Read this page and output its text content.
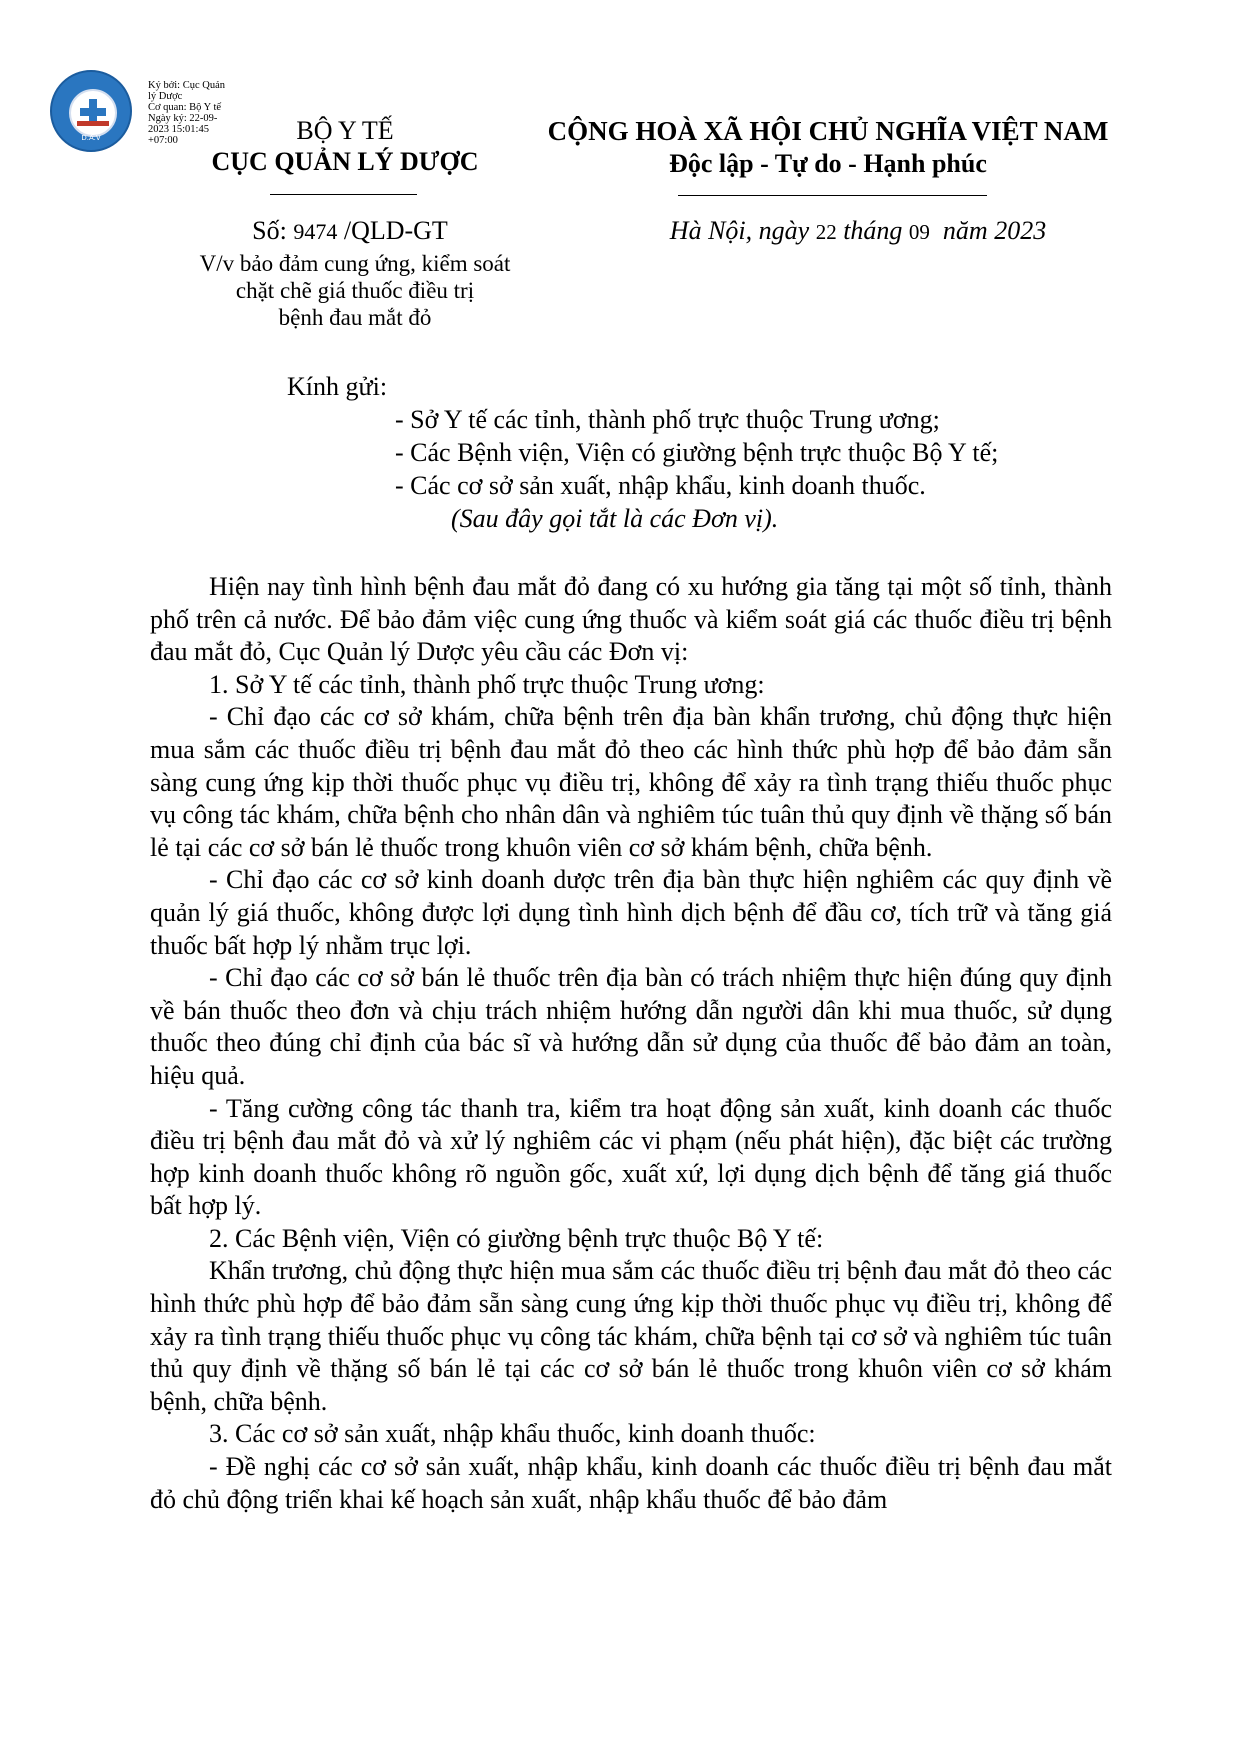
D.A.V
Ký bởi: Cục Quản
lý Dược
Cơ quan: Bộ Y tế
Ngày ký: 22-09-
2023 15:01:45
+07:00	BỘ Y TẾ
CỤC QUẢN LÝ DƯỢC
CỘNG HOÀ XÃ HỘI CHỦ NGHĨA VIỆT NAM
Độc lập - Tự do - Hạnh phúc
Số: 9474 /QLD-GT
V/v bảo đảm cung ứng, kiểm soát
chặt chẽ giá thuốc điều trị
bệnh đau mắt đỏ
Hà Nội, ngày 22 tháng 09 năm 2023
Kính gửi:
- Sở Y tế các tỉnh, thành phố trực thuộc Trung ương;
- Các Bệnh viện, Viện có giường bệnh trực thuộc Bộ Y tế;
- Các cơ sở sản xuất, nhập khẩu, kinh doanh thuốc.
(Sau đây gọi tắt là các Đơn vị).

Hiện nay tình hình bệnh đau mắt đỏ đang có xu hướng gia tăng tại một số tỉnh, thành phố trên cả nước. Để bảo đảm việc cung ứng thuốc và kiểm soát giá các thuốc điều trị bệnh đau mắt đỏ, Cục Quản lý Dược yêu cầu các Đơn vị:

1. Sở Y tế các tỉnh, thành phố trực thuộc Trung ương:

- Chỉ đạo các cơ sở khám, chữa bệnh trên địa bàn khẩn trương, chủ động thực hiện mua sắm các thuốc điều trị bệnh đau mắt đỏ theo các hình thức phù hợp để bảo đảm sẵn sàng cung ứng kịp thời thuốc phục vụ điều trị, không để xảy ra tình trạng thiếu thuốc phục vụ công tác khám, chữa bệnh cho nhân dân và nghiêm túc tuân thủ quy định về thặng số bán lẻ tại các cơ sở bán lẻ thuốc trong khuôn viên cơ sở khám bệnh, chữa bệnh.

- Chỉ đạo các cơ sở kinh doanh dược trên địa bàn thực hiện nghiêm các quy định về quản lý giá thuốc, không được lợi dụng tình hình dịch bệnh để đầu cơ, tích trữ và tăng giá thuốc bất hợp lý nhằm trục lợi.

- Chỉ đạo các cơ sở bán lẻ thuốc trên địa bàn có trách nhiệm thực hiện đúng quy định về bán thuốc theo đơn và chịu trách nhiệm hướng dẫn người dân khi mua thuốc, sử dụng thuốc theo đúng chỉ định của bác sĩ và hướng dẫn sử dụng của thuốc để bảo đảm an toàn, hiệu quả.

- Tăng cường công tác thanh tra, kiểm tra hoạt động sản xuất, kinh doanh các thuốc điều trị bệnh đau mắt đỏ và xử lý nghiêm các vi phạm (nếu phát hiện), đặc biệt các trường hợp kinh doanh thuốc không rõ nguồn gốc, xuất xứ, lợi dụng dịch bệnh để tăng giá thuốc bất hợp lý.

2. Các Bệnh viện, Viện có giường bệnh trực thuộc Bộ Y tế:

Khẩn trương, chủ động thực hiện mua sắm các thuốc điều trị bệnh đau mắt đỏ theo các hình thức phù hợp để bảo đảm sẵn sàng cung ứng kịp thời thuốc phục vụ điều trị, không để xảy ra tình trạng thiếu thuốc phục vụ công tác khám, chữa bệnh tại cơ sở và nghiêm túc tuân thủ quy định về thặng số bán lẻ tại các cơ sở bán lẻ thuốc trong khuôn viên cơ sở khám bệnh, chữa bệnh.

3. Các cơ sở sản xuất, nhập khẩu thuốc, kinh doanh thuốc:

- Đề nghị các cơ sở sản xuất, nhập khẩu, kinh doanh các thuốc điều trị bệnh đau mắt đỏ chủ động triển khai kế hoạch sản xuất, nhập khẩu thuốc để bảo đảm
